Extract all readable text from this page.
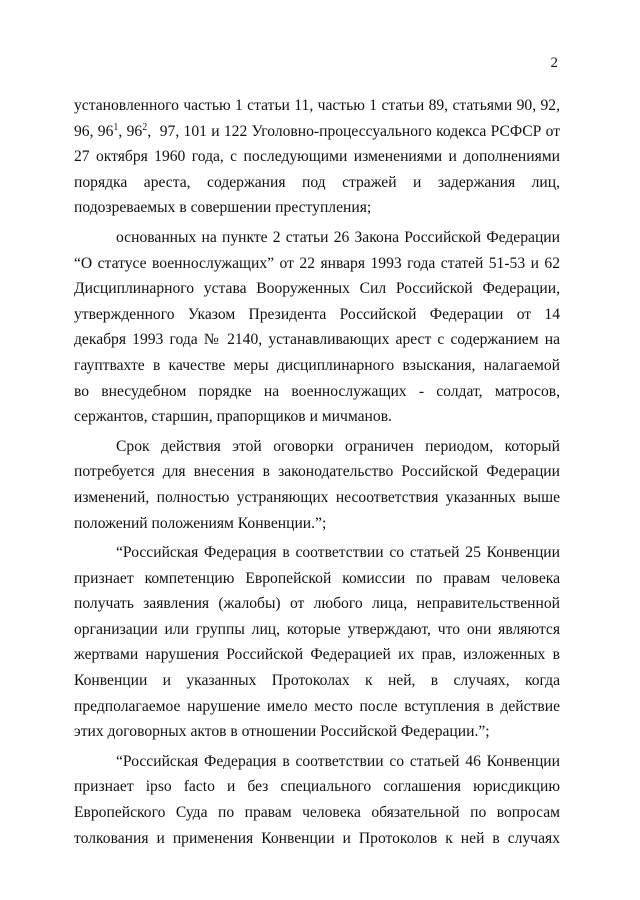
2
установленного частью 1 статьи 11, частью 1 статьи 89, статьями 90, 92,
96, $96^1$, $96^2$,  97, 101 и 122 Уголовно-процессуального кодекса РСФСР от
27 октября 1960 года, с последующими изменениями и дополнениями
порядка ареста, содержания под стражей и задержания лиц,
подозреваемых в совершении преступления;
основанных на пункте 2 статьи 26 Закона Российской Федерации
“О статусе военнослужащих” от 22 января 1993 года статей 51-53 и 62
Дисциплинарного устава Вооруженных Сил Российской Федерации,
утвержденного Указом Президента Российской Федерации от 14
декабря 1993 года № 2140, устанавливающих арест с содержанием на
гауптвахте в качестве меры дисциплинарного взыскания, налагаемой
во внесудебном порядке на военнослужащих - солдат, матросов,
сержантов, старшин, прапорщиков и мичманов.
Срок действия этой оговорки ограничен периодом, который
потребуется для внесения в законодательство Российской Федерации
изменений, полностью устраняющих несоответствия указанных выше
положений положениям Конвенции.”;
“Российская Федерация в соответствии со статьей 25 Конвенции
признает компетенцию Европейской комиссии по правам человека
получать заявления (жалобы) от любого лица, неправительственной
организации или группы лиц, которые утверждают, что они являются
жертвами нарушения Российской Федерацией их прав, изложенных в
Конвенции и указанных Протоколах к ней, в случаях, когда
предполагаемое нарушение имело место после вступления в действие
этих договорных актов в отношении Российской Федерации.”;
“Российская Федерация в соответствии со статьей 46 Конвенции
признает ipso facto и без специального соглашения юрисдикцию
Европейского Суда по правам человека обязательной по вопросам
толкования и применения Конвенции и Протоколов к ней в случаях
